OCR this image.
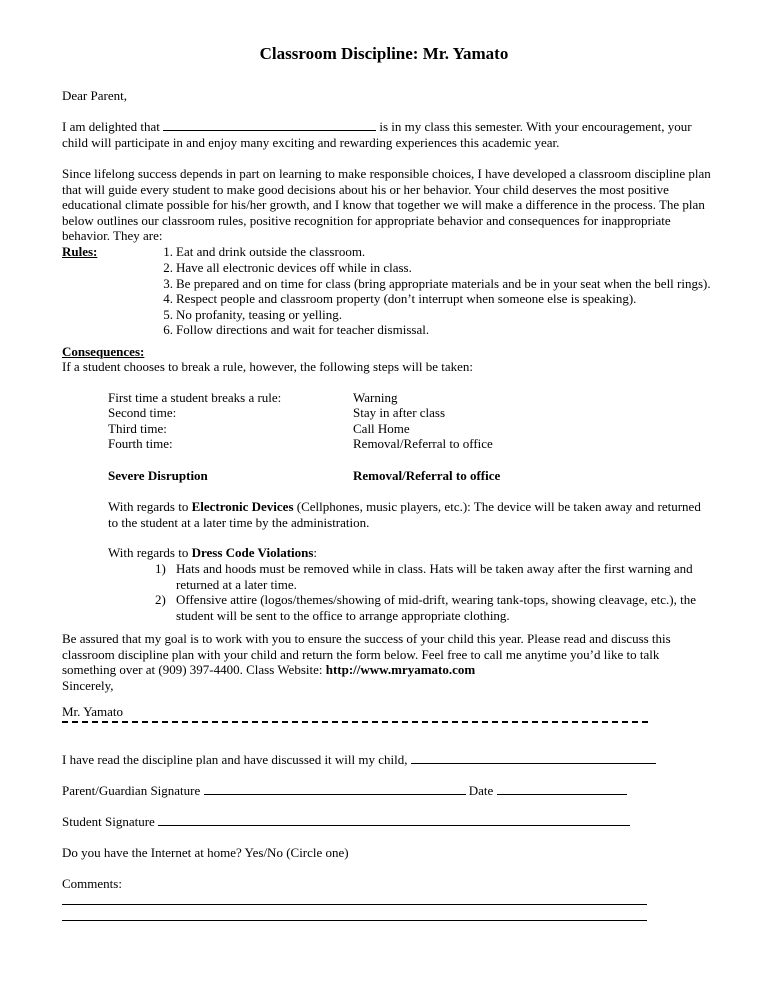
Classroom Discipline: Mr. Yamato
Dear Parent,
I am delighted that	is in my class this semester. With your encouragement, your child will participate in and enjoy many exciting and rewarding experiences this academic year.
Since lifelong success depends in part on learning to make responsible choices, I have developed a classroom discipline plan that will guide every student to make good decisions about his or her behavior. Your child deserves the most positive educational climate possible for his/her growth, and I know that together we will make a difference in the process. The plan below outlines our classroom rules, positive recognition for appropriate behavior and consequences for inappropriate behavior. They are:
Rules:	1. Eat and drink outside the classroom.
2. Have all electronic devices off while in class.
3. Be prepared and on time for class (bring appropriate materials and be in your seat when the bell rings).
4. Respect people and classroom property (don’t interrupt when someone else is speaking).
5. No profanity, teasing or yelling.
6. Follow directions and wait for teacher dismissal.
Consequences:
If a student chooses to break a rule, however, the following steps will be taken:
First time a student breaks a rule:	Warning
Second time:	Stay in after class
Third time:	Call Home
Fourth time:	Removal/Referral to office
Severe Disruption	Removal/Referral to office
With regards to Electronic Devices (Cellphones, music players, etc.): The device will be taken away and returned to the student at a later time by the administration.
With regards to Dress Code Violations:
1) Hats and hoods must be removed while in class. Hats will be taken away after the first warning and returned at a later time.
2) Offensive attire (logos/themes/showing of mid-drift, wearing tank-tops, showing cleavage, etc.), the student will be sent to the office to arrange appropriate clothing.
Be assured that my goal is to work with you to ensure the success of your child this year. Please read and discuss this classroom discipline plan with your child and return the form below. Feel free to call me anytime you’d like to talk something over at (909) 397-4400. Class Website: http://www.mryamato.com
Sincerely,
Mr. Yamato
I have read the discipline plan and have discussed it will my child,
Parent/Guardian Signature	Date
Student Signature
Do you have the Internet at home? Yes/No (Circle one)
Comments:
